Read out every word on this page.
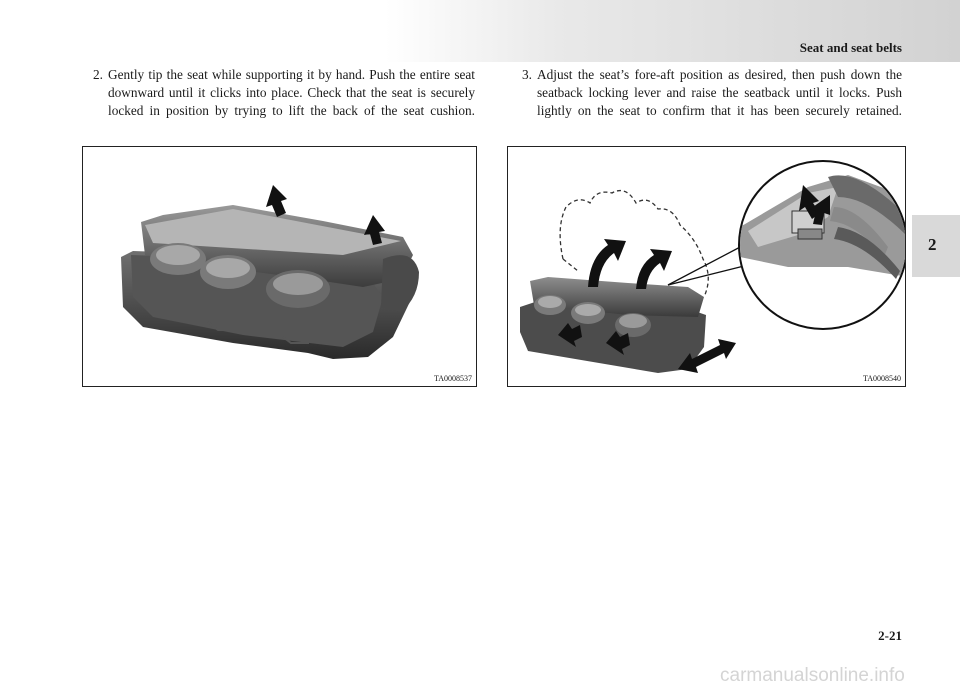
Seat and seat belts
2
2. Gently tip the seat while supporting it by hand. Push the entire seat downward until it clicks into place. Check that the seat is securely locked in position by trying to lift the back of the seat cushion.
3. Adjust the seat’s fore-aft position as desired, then push down the seatback locking lever and raise the seatback until it locks. Push lightly on the seat to confirm that it has been securely retained.
TA0008537	TA0008540
2-21
carmanualsonline.info
